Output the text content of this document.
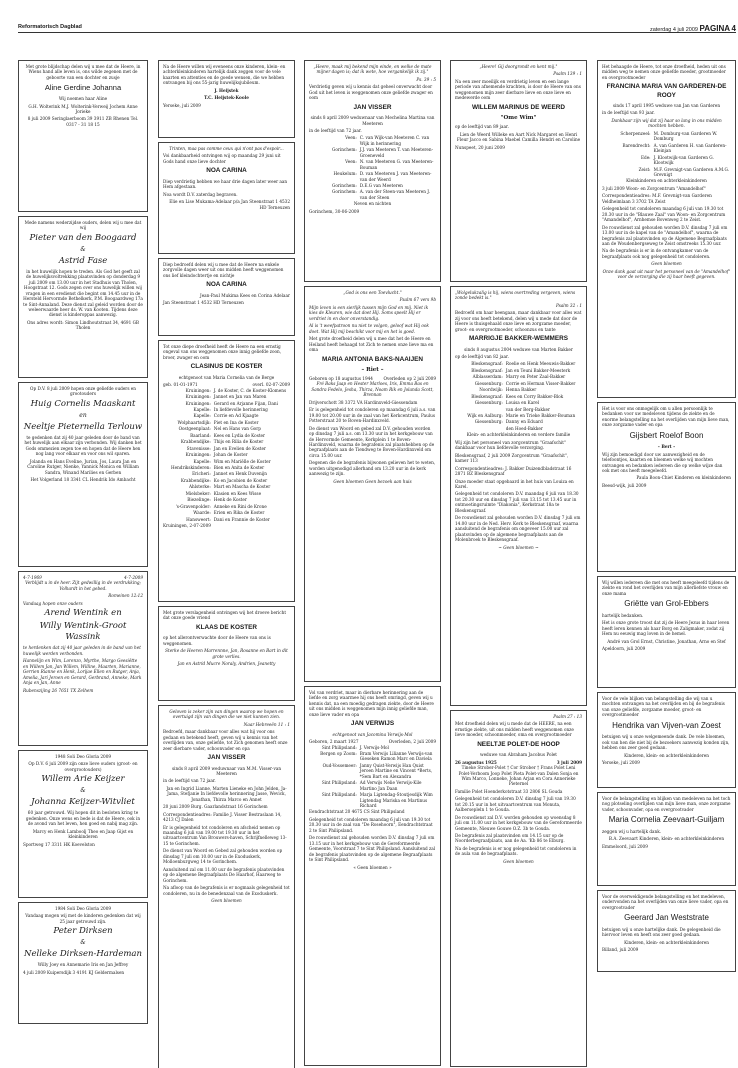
Reformatorisch Dagblad	zaterdag 4 juli 2009 PAGINA 4

Met grote blijdschap delen wij u mee dat de Heere, in Wiens hand alle leven is, ons wilde zegenen met de geboorte van een dochter en zusje

Aline Gerdine Johanna

Wij noemen haar Aline

G.H. Wolterink M.J. Wolterink-Verweij Jochem Anne Jorieke

8 juli 2009 Seringlaerboom 39 3911 ZB Rhenen Tel. 0317 - 31 18 15

Mede namens wederzijdse ouders, delen wij u mee dat wij

Pieter van den Boogaard
&
Astrid Fase

in het huwelijk hopen te treden. Als God het geeft zal de huwelijksvoltrekking plaatsvinden op donderdag 9 juli 2009 om 13.00 uur in het Stadhuis van Tholen, Hoogstraat 12. Gods zegen over ons huwelijk willen wij vragen in een eredienst die begint om 14.45 uur in de Hersteld Hervormde Bethelkerk, P.M. Boogaardweg 17a te Sint-Annaland. Deze dienst zal geleid worden door de weleerwaarde heer ds. W. van Kooten. Tijdens deze dienst is kinderoppas aanwezig.

Ons adres wordt: Simon Lindhoutstraat 34, 4691 GB Tholen

Op D.V. 8 juli 2009 hopen onze geliefde ouders en grootouders

Huig Cornelis Maaskant
en
Neeltje Pieternella Terlouw

te gedenken dat zij 40 jaar geleden door de band van het huwelijk aan elkaar zijn verbonden. Wij danken het Gods ommezien zegen toe en hopen dat de Heere hen nog lang voor elkaar en voor ons wil sparen.

Jolanda en Hans Eveline, Jurian, Jos, Laura Jan en Caroline Rutger, Nienke, Yannick Monica en William Sandra, Winand Marilies en Gerben

Het Volgerland 18 3341 CL Hendrik Ido Ambacht

4-7-1969	4-7-2009

Verblijdt u in de heer. Zijt gedwillig in de verdrukking; Volhardt in het gebed.

Romeinen 12:12

Vandaag hopen onze ouders

Arend Wentink en
Willy Wentink-Groot Wassink

te herdenken dat zij 40 jaar geleden in de band van het huwelijk werden verbonden.

Hannelijn en Wim, Lorenzo, Myrthe, Margo Geesiëtte en Willem Jan, Jan Willem, Willine, Maarten, Marianne, Gerrien Rianne en Henk, Lorijae Ellen en Rutger, Anja, Amelia, Jari Jeroen en Gerard, Gerbrand, Anneke, Mark Anja en Jan, Anne

Rubenszijing 26 7651 TX Zelhem

1948 Soli Deo Gloria 2009

Op D.V. 6 juli 2009 zijn onze lieve ouders (groot- en overgrootouders)

Willem Arie Keijzer
&
Johanna Keijzer-Witvliet

60 jaar getrouwd. Wij hopen dit in besloten kring te gedenken. Onze wens en bede is dat de Heere, ook in de avond van het leven, hen goed en nabij mag zijn.

Marcy en Henk Lamboolj Theo en Jaap Gijst en kleinkinderen

Sportweg 17 3311 HK Koevelston

1984 Soli Deo Gloria 2009

Vandaag mogen wij met de kinderen gedenken dat wij 25 jaar getrouwd zijn.

Peter Dirksen
&
Nelleke Dirksen-Hardeman

Willy Joey en Annemarie Iris en Jan Jeffrey

4 juli 2009 Kuipersdijk 3 4191 KJ Geldermalsen

Na de Heere willen wij eveneens onze kinderen, klein- en achterkleinkinderen hartelijk dank zeggen voor de vele kaarten en attenties en de goede wensen, die we hebben ontvangen bij ons 55-jarig huwelijksjubileum.

J. Heijstek

T.C. Heijstek-Koole

Yerseke, juli 2009

Trinten, maa pas comme ceux qui n'ont pas d'espoir...

Voi dankbaarheid ontvingen wij op maandag 29 juni uit Gods hand onze lieve dochter

NOA CARINA

Diep verdrietig hebben we haar drie dagen later weer aan Hem afgestaan.

Noa wordt D.V. zaterdag begraven.

Elie en Lise Mukama-Adelaar p/a Jan Steenstraat 1 4532 HD Terneuzen

Diep bedroefd delen wij u mee dat de Heere na enkele zorgvolle dagen weer uit ons midden heeft weggenomen ons lief kleindochtertje en nichtje

NOA CARINA

Jean-Paul Mukima Kees en Corina Adelaar

Jan Steenstraat 1 4532 HD Terneuzen

Tot onze diepe droefheid heeft de Heere na een ernstig ongeval van ons weggenomen onze innig geliefde zoon, broer, zwager en oom

CLASINUS DE KOSTER

echtgenoot van Maria Cornelia van de Berge

geb. 01-01-1971	overl. 02-07-2009
Kruiningen: J. de Koster, C. de Koster-Klomens
Kruiningen: Jannet en Jan van Maren
Kruiningen: Gerard en Arjanne Fijan, Dani
Kapelle: In liefdevolle herinnering
Kapelle: Corrie en Ad Kjaagte
Wolphaartsdijk: Piet en Ina de Koster
Oostgeenplaat: Nel en Hans van Gorp
Baarland: Kees en Lydia de Koster
Krabbendijke: Thijs en Rilia de Koster
Stavenisse: Jan en Evelien de Koster
Kruiningen: Johan de Koster
Kapelle: Wim en Mariëlle de Koster
Hendrikskinderen: Bien en Anita de Koster
Ericheri: Jannet en Henk Duvenijn
Krabbendijke: Ko en Jacobien de Koster
Ahlsterke: Mart en Mascha de Koster
Mielsbeker: Klasien en Kees Wisse
Biezelinge: Henk de Koster
's-Gravenpolder: Anneke en Rini de Krone
Waarde: Erien en Rika de Koster
Hansweert: Dani en Frannie de Koster

Kruiningen, 2-07-2009

Met grote verslagenheid ontvingen wij het droeve bericht dat onze goede vriend

KLAAS DE KOSTER

op het allerontverwachte door de Heere van ons is weggenomen.

Sterke de Heeren Marrennne, Jan, Rosanne en Bart in dit grote verlies.

Jan en Astrid Mucre Noraly, Andrien, Jeanetty

Geloven is zeker zijn van dingen waarop we hopen en overtuigd zijn van dingen die we niet kunnen zien.

Naar Hebreeën 11 : 1

Bedroefd, maar dankbaar voor alles wat hij voor ons gedaan en betekend heeft, geven wij u kennis van het overlijden van, onze geliefde, tot Zich genomen heeft onze zeer dierbare vader, schoonvader en opa

JAN VISSER

sinds 8 april 2009 weduwnaar van M.M. Visser-van Meeteren

in de leeftijd van 72 jaar.

Jan en Ingrid Lianne, Marten Lieneke en John Jelden, Ja-Jama, Stefjanie In liefdevolle herinnering Jasse, Wevick, Jonathan, Thirza Marco en Annet

20 juni 2009 Burg. Gaarlandstraat 16 Gorinchem

Correspondentieadres: Familie J. Visser Bestraslaan 14, 4213 CJ Dalen

Er is gelegenheid tot condoleren en afscheid nemen op maandag 6 juli van 19.00 tot 19.30 uur in het uitvaartcentrum Van Brouwers-haven, Schrijfnelleweg 13-15 te Gorinchem.

De dienst van Woord en Gebed zal gehouden worden op dinsdag 7 juli om 10.00 uur in de Exoduskerk, Molloenburgweg 14 te Gorinchem.

Aansluitend zal om 11.00 uur de begrafenis plaatsvinden op de algemene Begraafplaats De Haarhof, Haarweg te Gorinchem.

Na afloop van de begrafenis is er nogmaals gelegenheid tot condoleren, nu in de benedenzaal van de Exoduskerk.

Geen bloemen

„Heere, maak mij bekend mijn einde, en welke de mate mijner dagen is; dat ik wete, hoe vergankelijk ik zij."

Ps. 39 : 5

Verdrietig geven wij u kennis dat geheel onverwacht door God uit het leven is weggenomen onze geliefde zwager en oom

JAN VISSER

sinds 8 april 2009 weduwnaar van Mechelina Martina van Meeteren

in de leeftijd van 72 jaar.

Veen: C. van Wijk-van Meeteren C. van Wijk in herinnering
Gorinchem: J.J. van Meeteren T. van Meeteren-Groeneveld
Veen: N. van Meeteren G. van Meeteren-Bouman
Heukelum: D. van Meeteren J. van Meeteren-van der Weerd
Gorinchem: D.E.G van Meeteren
Gorinchem: A. van der Steen-van Meeteren J. van der Steen

Neven en nichten

Gorinchem, 30-06-2009

„God is ons een Toevlucht."

Psalm 67 vers 9b

Mijn leven is een sierlijk tussen mijn God en mij. Niet ik kies de Kleuren, wie dat doet Hij. Soms speelt Hij er verdriet in en door onverstandig.

Al is 't weefpatroon nu niet te volgen, geloof wat Hij ook doet. Wat Hij mij beschikt voor mij en het is goed.

Met grote droefheid delen wij u mee dat het de Heere en Heiland heeft behaagd tot Zich te nemen onze lieve ma en oma

MARIA ANTONIA BAKS-NAAIJEN

– Riet –

Geboren op 18 augustus 1944	Overleden op 2 juli 2009

Fré Baks Jaap en Hester Marloes, Iris, Emma Bas en Sandra Fedelo, Jesha, Thirza, Noam Rik en Jolanda Scott, Brennan

Drijverschott 38 3372 VA Hardinxveld-Giessendam

Er is gelegenheid tot condoleren op maandag 6 juli a.s. van 19.00 tot 20.00 uur in de zaal van het Kerkcentrum, Paulus Potterstraat 20 te Boven-Hardinxveld.

De dienst van Woord en gebed zal D.V. gehouden worden op dinsdag 7 juli a.s. om 13.30 uur in het kerkgebouw van de Hervormde Gemeente, Kerkplein 1 te Boven-Hardinxveld, waarna de begrafenis zal plaatshebben op de begraafplaats aan de Tiendweg te Boven-Hardinxveld om circa 15.00 uur.

Degenen die de begrafenis bijwonen gelieven het te weten, worden uitgenodigd allerhand om 13.20 uur in de kerk aanwezig te zijn.

Geen bloemen Geen bezoek aan huis

Vol van verdriet, maar in dierbare herinnering aan de liefde en zorg waarmee hij ons heeft omringd, geven wij u kennis dat, na een moedig gedragen ziekte, door de Heere uit ons midden is weggenomen mijn innig geliefde man, onze lieve vader en opa

JAN VERWIJS

echtgenoot van Jacomina Verwijs-Mol

Geboren, 2 maart 1927	Overleden, 2 juli 2009
Sint Philipsland: J. Verwijs-Mol
Bergen op Zoom: Bram Verwijs Lilianne Verwijs-van Gieseken Ramon Marc en Daviela
Oud-Vossemeer: Janny Quist-Verwijs Han Quist Jeroen Martine en Vincent *Berts, *Sem Bart en Alexandra
Sint Philipsland: Ad Verwijs Nelie Verwijs-Kile Martino Jan Daan
Sint Philipsland: Marja Ligtendag-Stoutjesdijk Wim Ligtendag Mariska en Martinus Richard

Eendrachtstraat 20 4675 CS Sint Philipsland

Gelegenheid tot condoleren maandag 6 juli van 19.30 tot 20.30 uur in de zaal van "De Rosehoorn", Eendrachtstraat 2 te Sint Philipsland.

De rouwdienst zal gehouden worden D.V. dinsdag 7 juli om 13.15 uur in het kerkgebouw van de Gereformeerde Gemeente, Voorstraat 7 te Sint Philipsland. Aansluitend zal de begrafenis plaatsvinden op de algemene Begraafplaats te Sint Philipsland.

« Geen bloemen »

„Heere! Gij doorgrondt en kent mij."

Psalm 139 : 1

Na een zeer moeilijk en verdrietig leven en een lange periode van afnemende krachten, is door de Heere van ons weggenomen mijn zeer dierbare lieve en onze lieve en medewerde oom

WILLEM MARINUS DE WEERD

"Ome Wim"

op de leeftijd van 89 jaar.

Lien de Weerd Willeke en Aart Nick Margaret en Henri Fleur Jacco en Sabina Maebel Camilla Hendri en Caroline

Nunspeet, 20 juni 2009

„Wolgelukzalig is hij, wiens overtreding vergeven, wiens zonde bedekt is."

Psalm 32 : 1

Bedroefd om haar heengaan, maar dankbaar voor alles wat zij voor ons heeft betekend, delen wij u mede dat door de Heere is thuisgehaald onze lieve en zorgzame moeder, groot- en overgrootmoeder, schoonzus en tante

MARRIGJE BAKKER-WEMMERS

sinds 8 augustus 2004 weduwe van Marten Bakker

op de leeftijd van 82 jaar.

Bleskensgraaf: Roelie en Henk Meeuwis-Bakker
Bleskensgraaf: Jan en Teuni Bakker-Meesterk
Alblasserdam: Marry en Peter Zaal-Bakker
Giessenburg: Corrie en Herman Visser-Bakker
Noordwijk: Henna Bakker
Bleskensgraaf: Kees en Corry Bakker-Blok
Giessenburg: Louisa en Karel
van der Berg-Bakker
Wijk en Aalburg: Marie en Trieke Bakker-Bouman
Giessenburg: Danny en Eduard
den Hoed-Bakker

Klein- en achterkleinkinderen en verdere familie

Wij zijn het personeel van zorgcentrum "Graafschit" dankbaar voor hun liefdevolle verzorging.

Bleskensgraaf, 2 juli 2009 Zorgcentrum "Graafschit", kamer 113

Correspondentieadres: J. Bakker Duizendbladstraat 16 2871 BZ Bleskensgraaf

Onze moeder staat opgebaard in het huis van Louiza en Karel.

Gelegenheid tot condoleren D.V. maandag 6 juli van 18.30 tot 20.30 uur en dinsdag 7 juli van 13.15 tot 13.45 uur in ontmoetingsruimte "Diakonia", Kerkstraat 18a te Bleskensgraaf.

De rouwdienst zal gehouden worden D.V. dinsdag 7 juli om 14.00 uur in de Ned. Herv. Kerk te Bleskensgraaf, waarna aansluitend de begrafenis om ongeveer 15.00 uur zal plaatsvinden op de algemene begraafplaats aan de Molenbroek te Bleskensgraaf.

~ Geen bloemen ~

Psalm 27 : 13

Met droefheid delen wij u mede dat de HEERE, na een ernstige ziekte, uit ons midden heeft weggenomen onze lieve moeder, schoonmoeder, oma en overgrootmoeder

NEELTJE POLET-DE HOOP

weduwe van Abraham Jacobus Polet

26 augustus 1925	3 juli 2009

Tineke Strober-Polet † Cor Strober † Frans Polet Leni Polet-Verboom Joop Polet Pieta Polet-van Dalen Sonja en Wim Marco, Lonneke, Johan Arjan en Cora Annerieke Pieternel

Familie Polet Hoenderkotstraat 33 2806 SL Gouda

Gelegenheid tot condoleren D.V. dinsdag 7 juli van 19.30 tot 20.15 uur in het uitvaartcentrum van Monuta, Aalbersepleln 1 te Gouda.

De rouwdienst zal D.V. worden gehouden op woensdag 8 juli om 11.00 uur in het kerkgebouw van de Gereformeerde Gemeente, Nieuwe Gouwe O.Z. 3b te Gouda.

De begrafenis zal plaatsvinden om 14.15 uur op de Noorderbegraafplaats, aan de Aa. 'Kb 86 te Elburg.

Na de begrafenis is er nog gelegenheid tot condoleren in de aula van de begraafplaats.

Geen bloemen

Het behaagde de Heere, tot onze droefheid, heden uit ons midden weg te nemen onze geliefde moeder, grootmoeder en overgrootmoeder

FRANCINA MARIA VAN GARDEREN-DE ROOY

sinds 17 april 1995 weduwe van Jan van Garderen

in de leeftijd van 93 jaar.

Dankbaar zijn wij dat zij haar so lang in ons midden mochten hebben.

Scherpenzeel: M. Domburg-van Garderen W. Domburg
Barendrecht: A. van Garderen H. van Garderen-Kleinjan
Ede: J. Klootwijk-van Garderen G. Klootwijk
Zeist: M.F. Grevnigt-van Garderen A.M.G. Grevnigt

Kleinkinderen en achterkleinkinderen

3 juli 2009 Woon- en Zorgcentrum "Amandelhof"

Correspondentieadres: M.F. Grevnigt-van Garderen Veldheimlaan 3 3702 TA Zeist

Gelegenheid tot condoleren maandag 6 juli van 19.30 tot 20.30 uur in de "Blauwe Zaal" van Woon- en Zorgcentrum "Amandelhof", Arnhemse Bovenweg 2 te Zeist.

De rouwdienst zal gehouden worden D.V. dinsdag 7 juli om 13.00 uur in de kapel van de "Amandelhof", waarna de begrafenis zal plaatsvinden op de Algemene Begraafplaats aan de Woudenbergseweg te Zeist omstreeks 15.30 uur.

Na de begrafenis is er in de ontvangkamer van de begraafplaats ook nog gelegenheid tot condoleren.

Geen bloemen

Onze dank gaat uit naar het personeel van de "Amandelhof" voor de verzorging die zij haar heeft gegeven.

Het is voor ons onmogelijk om u allen persoonlijk te bedanken voor uw medeleven tijdens de ziekte en de enorme belangstelling na het overlijden van mijn lieve man, onze zorgzame vader en opa

Gijsbert Roelof Boon

– Bert –

Wij zijn bemoedigd door uw aanwezigheid en de telefoontjes, kaarten en bloemen welke wij mochten ontvangen en bedanken iedereen die op welke wijze dan ook met ons heeft meegeleefd.

Paula Boon-Chiet Kinderen en kleinkinderen

Beesd-wijk, juli 2009

Wij willen iedereen die met ons heeft meegeleefd tijdens de ziekte en rond het overlijden van mijn allerliefste vrouw en onze mama

Griëtte van Grol-Ebbers

hartelijk bedanken.

Het is onze grote troost dat zij de Heere Jezus in haar leven heeft leren kennen als haar Borg en Zaligmaker, zodat zij Hem nu eeuwig mag loven in de hemel.

André van Grol Ernst, Christine, Jonathan, Arno en Stef

Apeldoorn, juli 2009

Voor de vele blijken van belangstelling die wij van u mochten ontvangen na het overlijden en bij de begrafenis van onze geliefde, zorgzame moeder, groot- en overgrootmoeder

Hendrika van Vijven-van Zoest

betuigen wij u onze welgemeende dank. De vele bloemen, ook van hen die niet bij de bezoekers aanwezig konden zijn, hebben ons zeer goed gedaan.

Kinderen, klein- en achterkleinkinderen

Yerseke, juli 2009

Voor de belangstelling en blijken van medeleven na het toch nog plotseling overlijden van mijn lieve man, onze zorgzame vader, schoonvader, opa en overgrootvader

Maria Cornelia Zeevaart-Guiljam

zeggen wij u hartelijk dank.

B.A. Zeevaart Kinderen, klein- en achterkleinkinderen

Emmeloord, juli 2009

Voor de overweldigende belangstelling en het medeleven, ondervonden na het overlijden van onze lieve vader, opa en overgrootvader

Geerard Jan Weststrate

betuigen wij u onze hartelijke dank. De gelegenheid die hiervoor leven en heeft ons zeer goed gedaan.

Kinderen, klein- en achterkleinkinderen

Billand, juli 2009
